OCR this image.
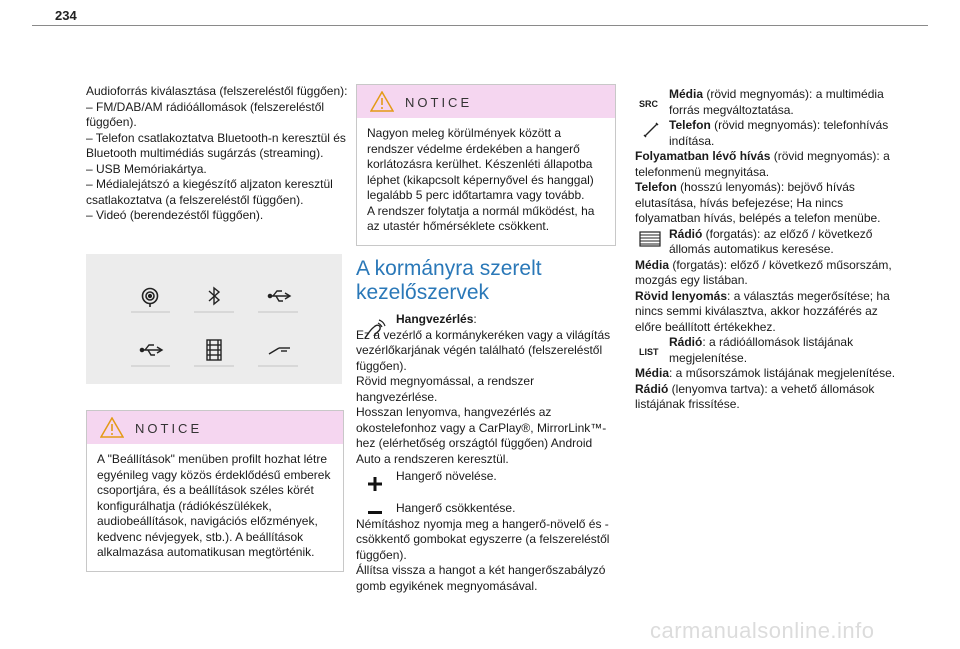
234

Audioforrás kiválasztása (felszereléstől függően):
– FM/DAB/AM rádióállomások (felszereléstől függően).
– Telefon csatlakoztatva Bluetooth-n keresztül és Bluetooth multimédiás sugárzás (streaming).
– USB Memóriakártya.
– Médialejátszó a kiegészítő aljzaton keresztül csatlakoztatva (a felszereléstől függően).
– Videó (berendezéstől függően).

NOTICE
A "Beállítások" menüben profilt hozhat létre egyénileg vagy közös érdeklődésű emberek csoportjára, és a beállítások széles körét konfigurálhatja (rádiókészülékek, audiobeállítások, navigációs előzmények, kedvenc névjegyek, stb.). A beállítások alkalmazása automatikusan megtörténik.
NOTICE
Nagyon meleg körülmények között a rendszer védelme érdekében a hangerő korlátozásra kerülhet. Készenléti állapotba léphet (kikapcsolt képernyővel és hanggal) legalább 5 perc időtartamra vagy tovább.
A rendszer folytatja a normál működést, ha az utastér hőmérséklete csökkent.
A kormányra szerelt kezelőszervek

Hangvezérlés:
Ez a vezérlő a kormánykeréken vagy a világítás vezérlőkarjának végén található (felszereléstől függően).
Rövid megnyomással, a rendszer hangvezérlése.
Hosszan lenyomva, hangvezérlés az okostelefonhoz vagy a CarPlay®, MirrorLink™-hez (elérhetőség országtól függően) Android Auto a rendszeren keresztül.

Hangerő növelése.

Hangerő csökkentése.
Némításhoz nyomja meg a hangerő-növelő és -csökkentő gombokat egyszerre (a felszereléstől függően).
Állítsa vissza a hangot a két hangerőszabályzó gomb egyikének megnyomásával.

SRC

Média (rövid megnyomás): a multimédia forrás megváltoztatása.

Telefon (rövid megnyomás): telefonhívás indítása.

Folyamatban lévő hívás (rövid megnyomás): a telefonmenü megnyitása.

Telefon (hosszú lenyomás): bejövő hívás elutasítása, hívás befejezése; Ha nincs folyamatban hívás, belépés a telefon menübe.

Rádió (forgatás): az előző / következő állomás automatikus keresése.

Média (forgatás): előző / következő műsorszám, mozgás egy listában.

Rövid lenyomás: a választás megerősítése; ha nincs semmi kiválasztva, akkor hozzáférés az előre beállított értékekhez.

LIST

Rádió: a rádióállomások listájának megjelenítése.

Média: a műsorszámok listájának megjelenítése.

Rádió (lenyomva tartva): a vehető állomások listájának frissítése.

carmanualsonline.info
